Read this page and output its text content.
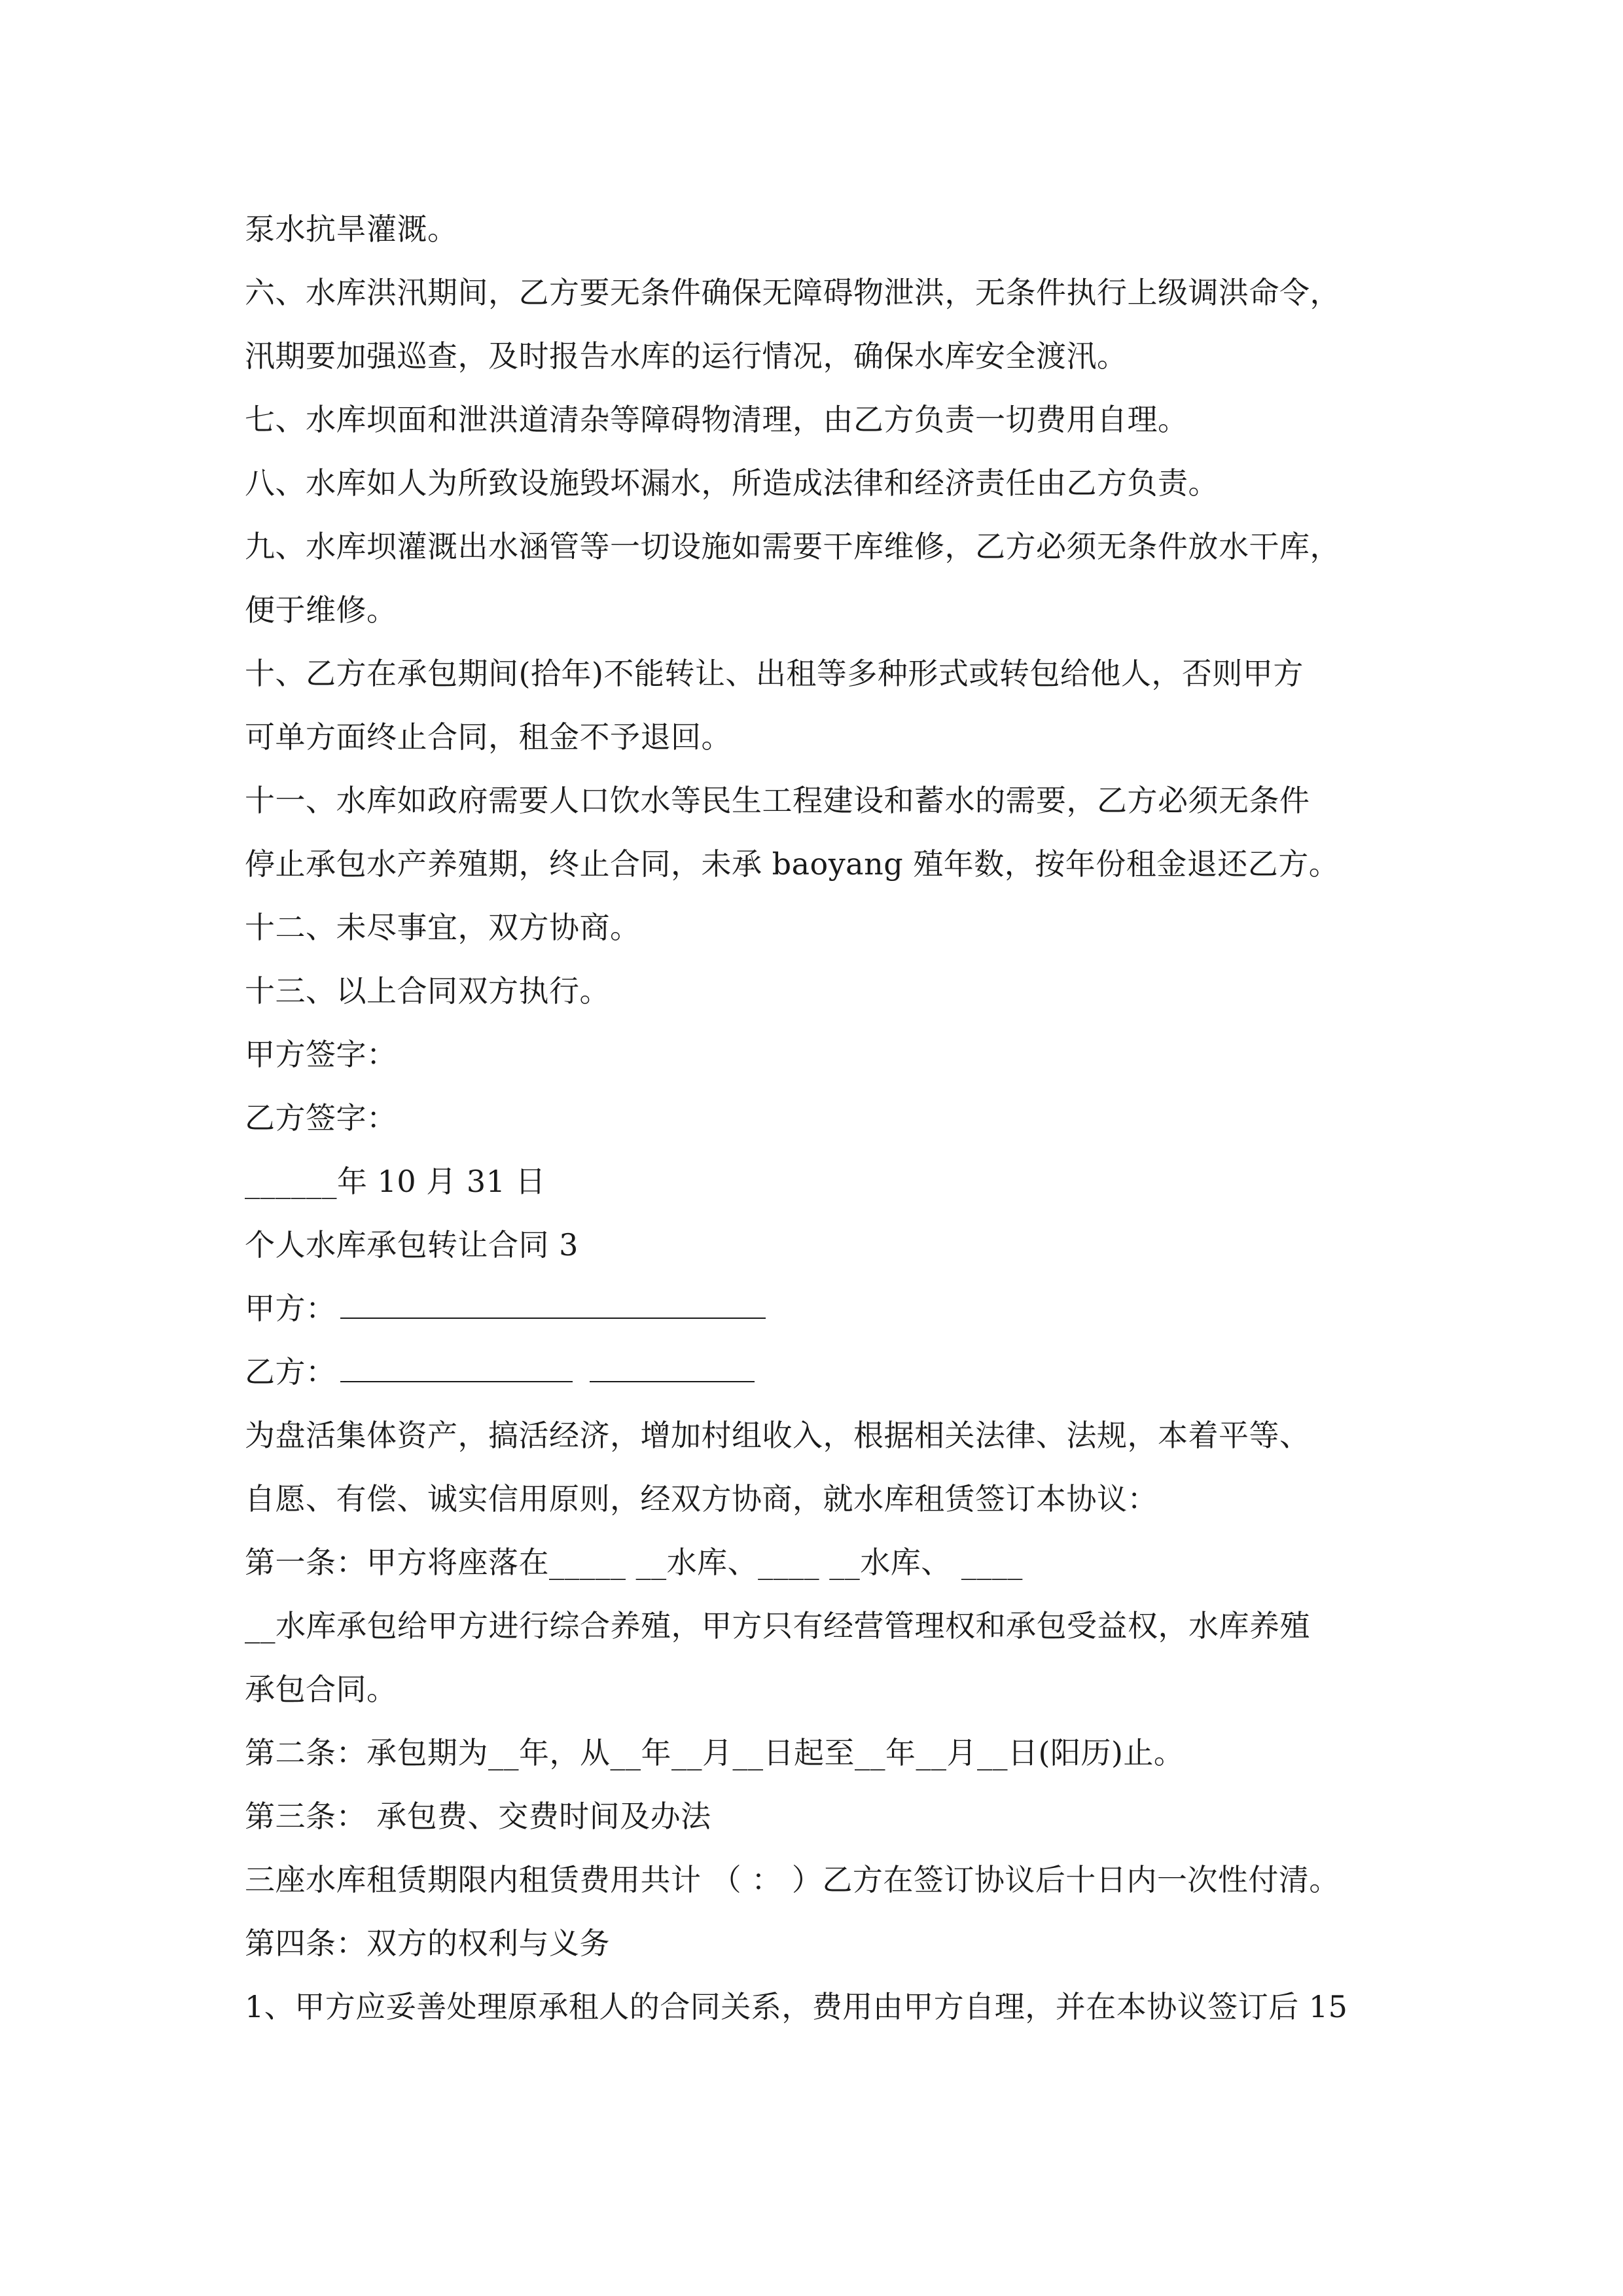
泵水抗旱灌溉。
六、水库洪汛期间，乙方要无条件确保无障碍物泄洪，无条件执行上级调洪命令，
汛期要加强巡查，及时报告水库的运行情况，确保水库安全渡汛。
七、水库坝面和泄洪道清杂等障碍物清理，由乙方负责一切费用自理。
八、水库如人为所致设施毁坏漏水，所造成法律和经济责任由乙方负责。
九、水库坝灌溉出水涵管等一切设施如需要干库维修，乙方必须无条件放水干库，
便于维修。
十、乙方在承包期间(拾年)不能转让、出租等多种形式或转包给他人，否则甲方
可单方面终止合同，租金不予退回。
十一、水库如政府需要人口饮水等民生工程建设和蓄水的需要，乙方必须无条件
停止承包水产养殖期，终止合同，未承 baoyang 殖年数，按年份租金退还乙方。
十二、未尽事宜，双方协商。
十三、以上合同双方执行。
甲方签字：
乙方签字：
______年 10 月 31 日
个人水库承包转让合同 3
甲方：
乙方：
为盘活集体资产，搞活经济，增加村组收入，根据相关法律、法规，本着平等、
自愿、有偿、诚实信用原则，经双方协商，就水库租赁签订本协议：
第一条：甲方将座落在_____ __水库、____ __水库、 ____
__水库承包给甲方进行综合养殖，甲方只有经营管理权和承包受益权，水库养殖
承包合同。
第二条：承包期为__年，从__年__月__日起至__年__月__日(阳历)止。
第三条： 承包费、交费时间及办法
三座水库租赁期限内租赁费用共计 （ ： ）乙方在签订协议后十日内一次性付清。
第四条：双方的权利与义务
1、甲方应妥善处理原承租人的合同关系，费用由甲方自理，并在本协议签订后 15
